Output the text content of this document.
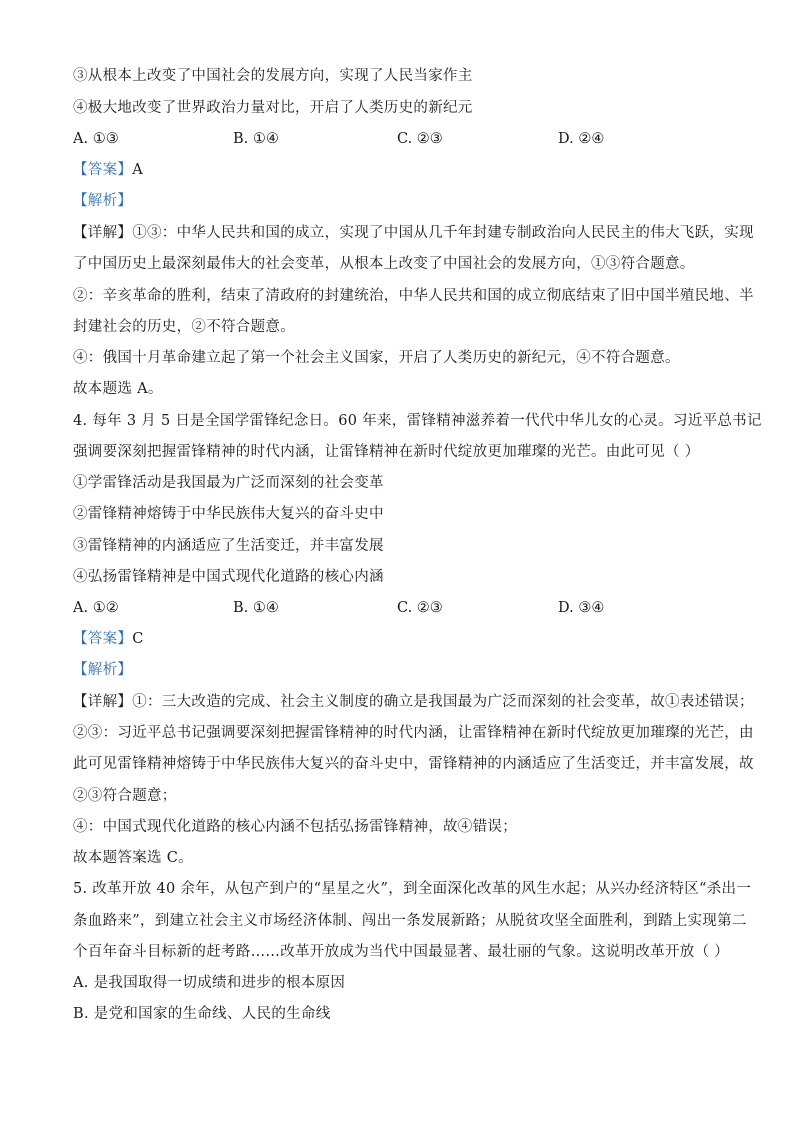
③从根本上改变了中国社会的发展方向，实现了人民当家作主
④极大地改变了世界政治力量对比，开启了人类历史的新纪元
A. ①③	B. ①④	C. ②③	D. ②④
【答案】A
【解析】
【详解】①③：中华人民共和国的成立，实现了中国从几千年封建专制政治向人民民主的伟大飞跃，实现
了中国历史上最深刻最伟大的社会变革，从根本上改变了中国社会的发展方向，①③符合题意。
②：辛亥革命的胜利，结束了清政府的封建统治，中华人民共和国的成立彻底结束了旧中国半殖民地、半
封建社会的历史，②不符合题意。
④：俄国十月革命建立起了第一个社会主义国家，开启了人类历史的新纪元，④不符合题意。
故本题选 A。
4. 每年 3 月 5 日是全国学雷锋纪念日。60 年来，雷锋精神滋养着一代代中华儿女的心灵。习近平总书记
强调要深刻把握雷锋精神的时代内涵，让雷锋精神在新时代绽放更加璀璨的光芒。由此可见（ ）
①学雷锋活动是我国最为广泛而深刻的社会变革
②雷锋精神熔铸于中华民族伟大复兴的奋斗史中
③雷锋精神的内涵适应了生活变迁，并丰富发展
④弘扬雷锋精神是中国式现代化道路的核心内涵
A. ①②	B. ①④	C. ②③	D. ③④
【答案】C
【解析】
【详解】①：三大改造的完成、社会主义制度的确立是我国最为广泛而深刻的社会变革，故①表述错误；
②③：习近平总书记强调要深刻把握雷锋精神的时代内涵，让雷锋精神在新时代绽放更加璀璨的光芒，由
此可见雷锋精神熔铸于中华民族伟大复兴的奋斗史中，雷锋精神的内涵适应了生活变迁，并丰富发展，故
②③符合题意；
④：中国式现代化道路的核心内涵不包括弘扬雷锋精神，故④错误；
故本题答案选 C。
5. 改革开放 40 余年，从包产到户的“星星之火”，到全面深化改革的风生水起；从兴办经济特区“杀出一
条血路来”，到建立社会主义市场经济体制、闯出一条发展新路；从脱贫攻坚全面胜利，到踏上实现第二
个百年奋斗目标新的赶考路……改革开放成为当代中国最显著、最壮丽的气象。这说明改革开放（ ）
A. 是我国取得一切成绩和进步的根本原因
B. 是党和国家的生命线、人民的生命线
